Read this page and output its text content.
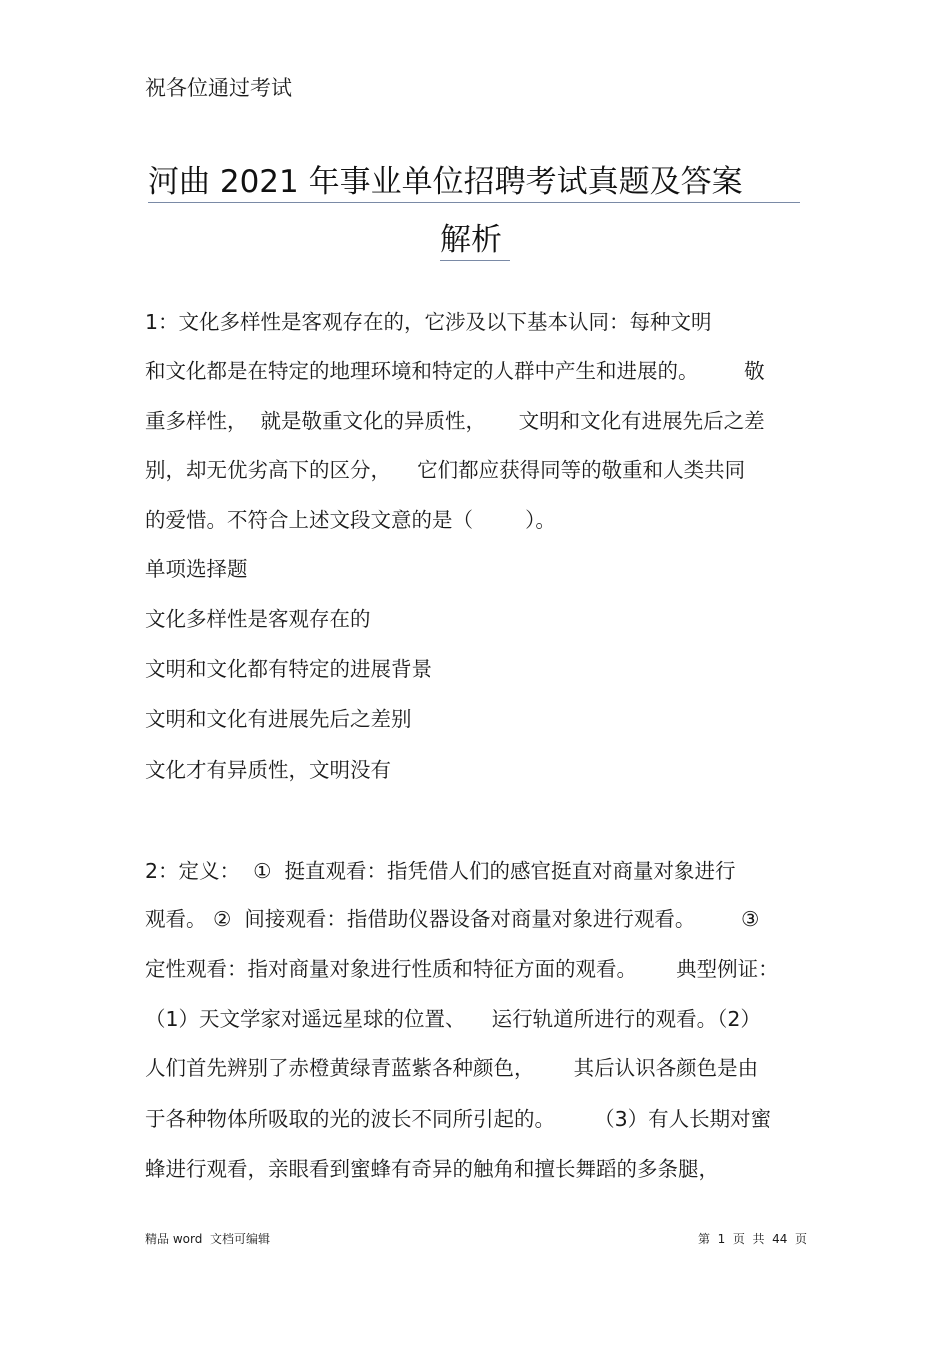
祝各位通过考试
河曲 2021 年事业单位招聘考试真题及答案
解析
1：文化多样性是客观存在的，它涉及以下基本认同：每种文明
和文化都是在特定的地理环境和特定的人群中产生和进展的。       敬
重多样性，  就是敬重文化的异质性，     文明和文化有进展先后之差
别，却无优劣高下的区分，    它们都应获得同等的敬重和人类共同
的爱惜。不符合上述文段文意的是（        ）。
单项选择题
文化多样性是客观存在的
文明和文化都有特定的进展背景
文明和文化有进展先后之差别
文化才有异质性，文明没有
2：定义：  ①  挺直观看：指凭借人们的感官挺直对商量对象进行
观看。 ②  间接观看：指借助仪器设备对商量对象进行观看。       ③
定性观看：指对商量对象进行性质和特征方面的观看。      典型例证：
（1）天文学家对遥远星球的位置、    运行轨道所进行的观看。（2）
人们首先辨别了赤橙黄绿青蓝紫各种颜色，      其后认识各颜色是由
于各种物体所吸取的光的波长不同所引起的。      （3）有人长期对蜜
蜂进行观看，亲眼看到蜜蜂有奇异的触角和擅长舞蹈的多条腿，
精品 word  文档可编辑	第  1  页  共  44  页
